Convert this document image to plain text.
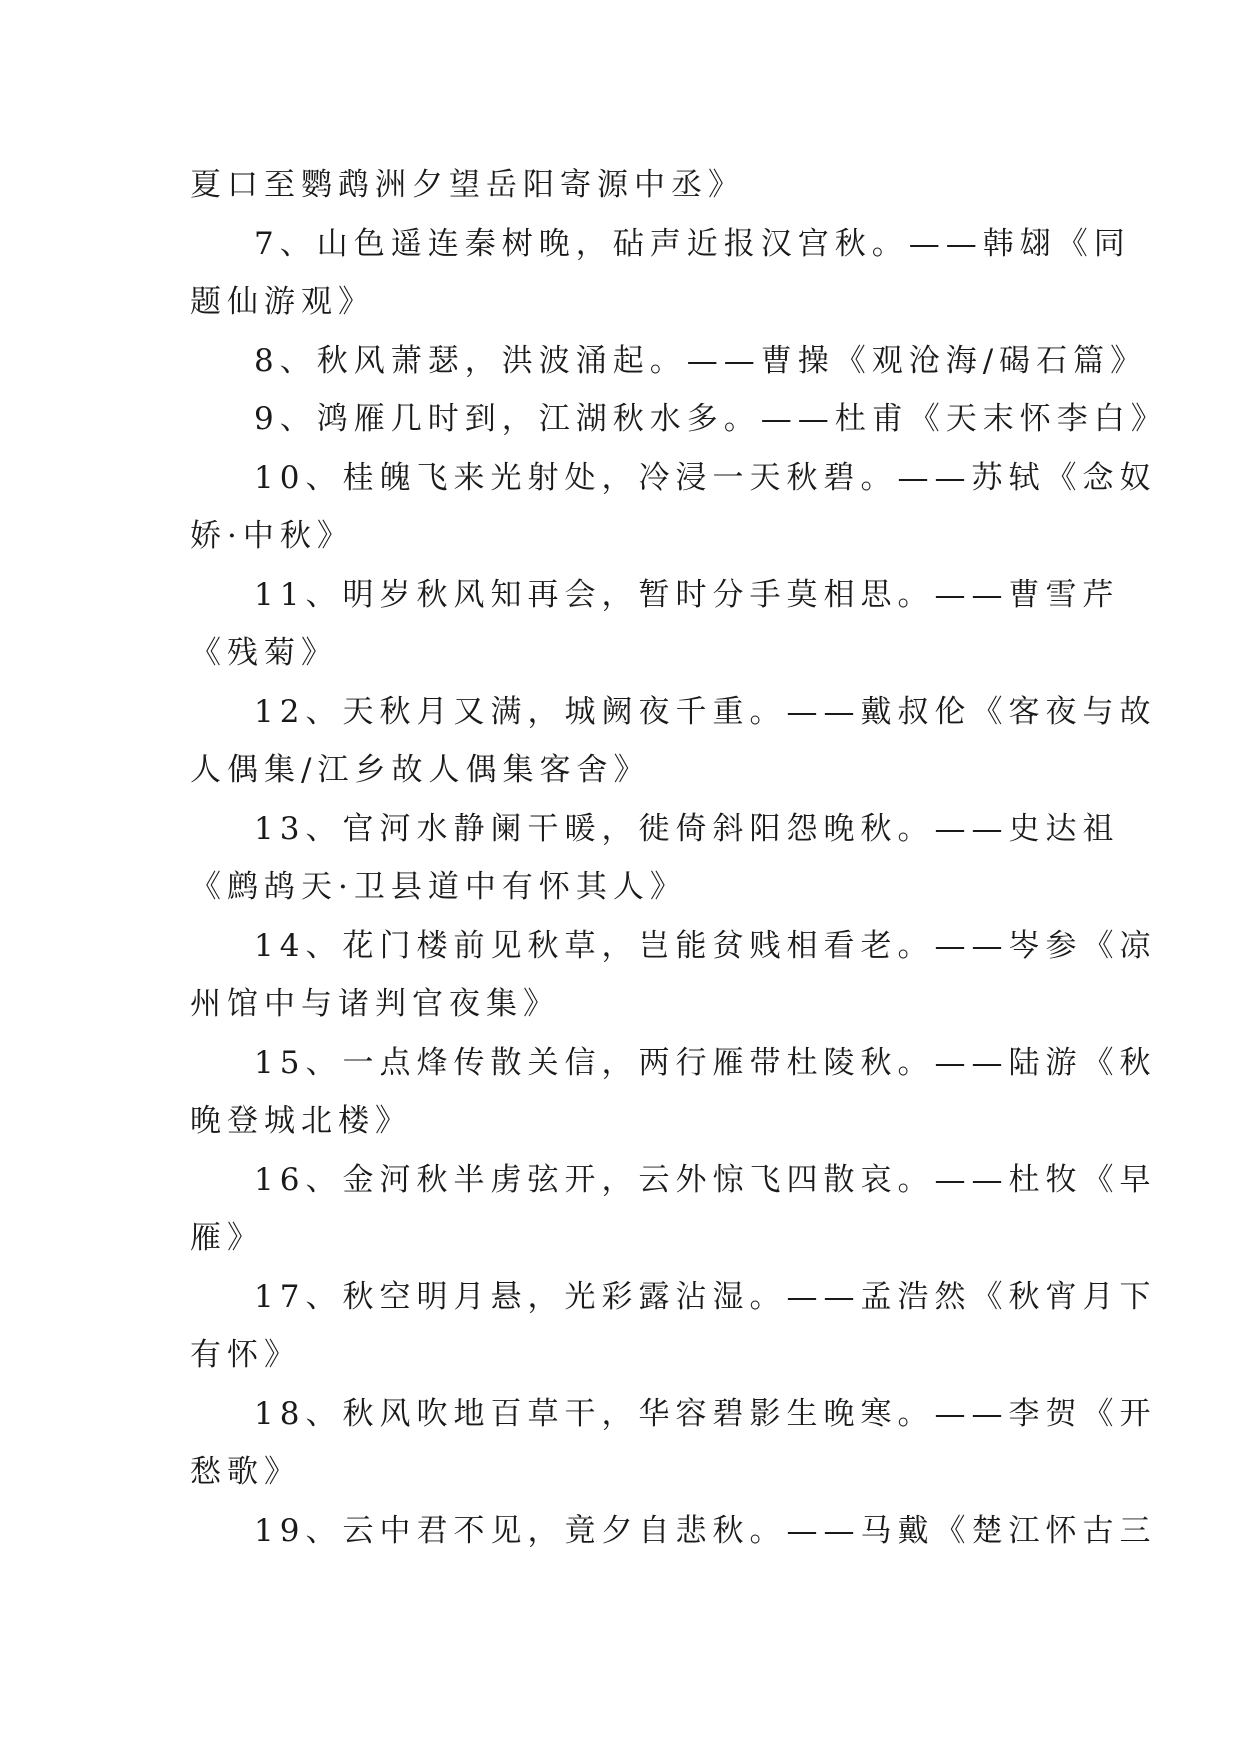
夏口至鹦鹉洲夕望岳阳寄源中丞》
7、山色遥连秦树晚，砧声近报汉宫秋。——韩翃《同
题仙游观》
8、秋风萧瑟，洪波涌起。——曹操《观沧海/碣石篇》
9、鸿雁几时到，江湖秋水多。——杜甫《天末怀李白》
10、桂魄飞来光射处，冷浸一天秋碧。——苏轼《念奴
娇·中秋》
11、明岁秋风知再会，暂时分手莫相思。——曹雪芹
《残菊》
12、天秋月又满，城阙夜千重。——戴叔伦《客夜与故
人偶集/江乡故人偶集客舍》
13、官河水静阑干暖，徙倚斜阳怨晚秋。——史达祖
《鹧鸪天·卫县道中有怀其人》
14、花门楼前见秋草，岂能贫贱相看老。——岑参《凉
州馆中与诸判官夜集》
15、一点烽传散关信，两行雁带杜陵秋。——陆游《秋
晚登城北楼》
16、金河秋半虏弦开，云外惊飞四散哀。——杜牧《早
雁》
17、秋空明月悬，光彩露沾湿。——孟浩然《秋宵月下
有怀》
18、秋风吹地百草干，华容碧影生晚寒。——李贺《开
愁歌》
19、云中君不见，竟夕自悲秋。——马戴《楚江怀古三
